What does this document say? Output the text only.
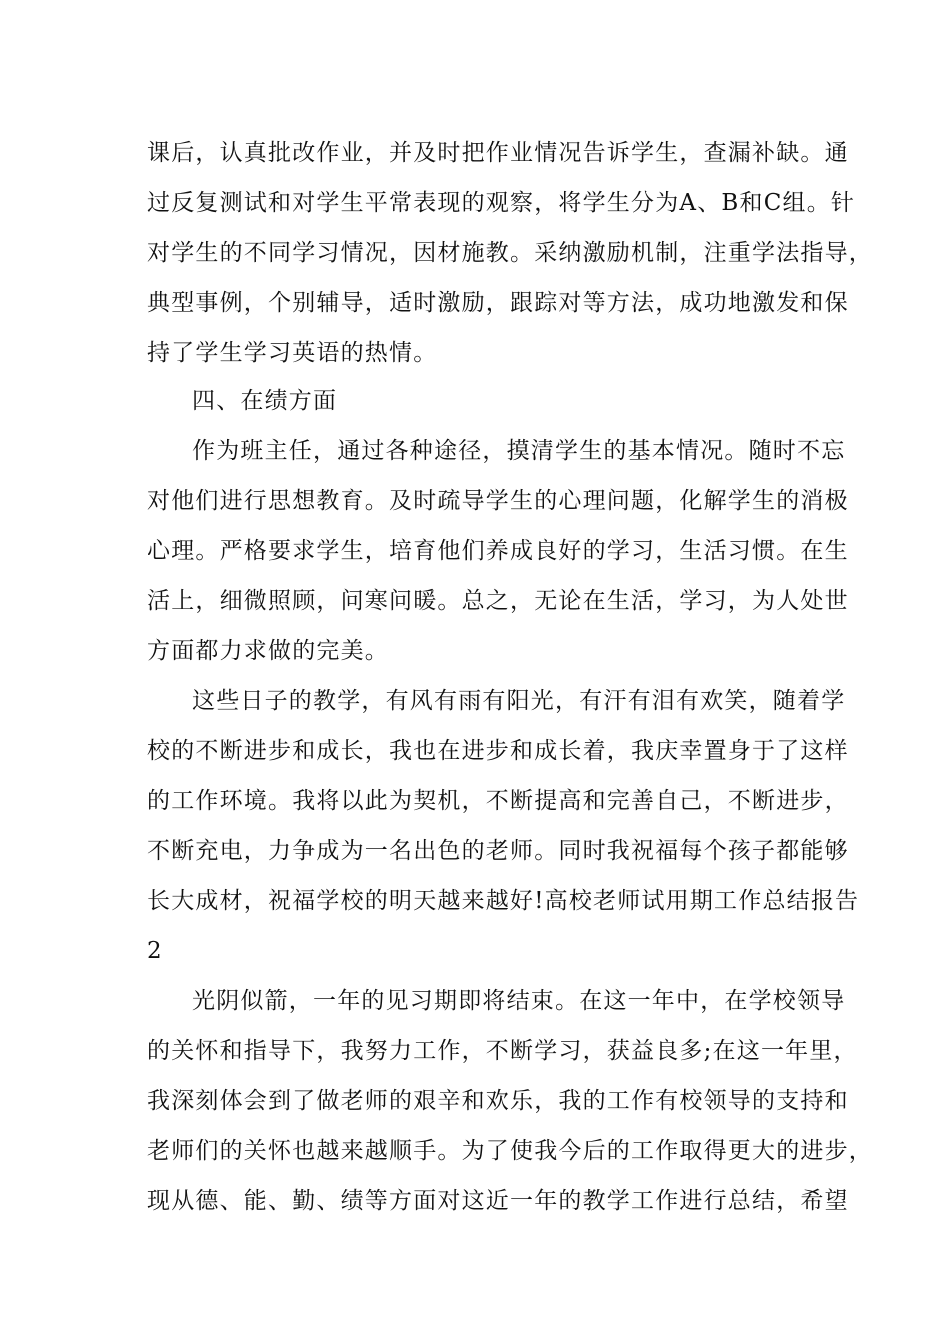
课后，认真批改作业，并及时把作业情况告诉学生，查漏补缺。通
过反复测试和对学生平常表现的观察，将学生分为A、B和C组。针
对学生的不同学习情况，因材施教。采纳激励机制，注重学法指导，
典型事例，个别辅导，适时激励，跟踪对等方法，成功地激发和保
持了学生学习英语的热情。
四、在绩方面
作为班主任，通过各种途径，摸清学生的基本情况。随时不忘
对他们进行思想教育。及时疏导学生的心理问题，化解学生的消极
心理。严格要求学生，培育他们养成良好的学习，生活习惯。在生
活上，细微照顾，问寒问暖。总之，无论在生活，学习，为人处世
方面都力求做的完美。
这些日子的教学，有风有雨有阳光，有汗有泪有欢笑，随着学
校的不断进步和成长，我也在进步和成长着，我庆幸置身于了这样
的工作环境。我将以此为契机，不断提高和完善自己，不断进步，
不断充电，力争成为一名出色的老师。同时我祝福每个孩子都能够
长大成材，祝福学校的明天越来越好!高校老师试用期工作总结报告
2
光阴似箭，一年的见习期即将结束。在这一年中，在学校领导
的关怀和指导下，我努力工作，不断学习，获益良多;在这一年里，
我深刻体会到了做老师的艰辛和欢乐，我的工作有校领导的支持和
老师们的关怀也越来越顺手。为了使我今后的工作取得更大的进步，
现从德、能、勤、绩等方面对这近一年的教学工作进行总结，希望
